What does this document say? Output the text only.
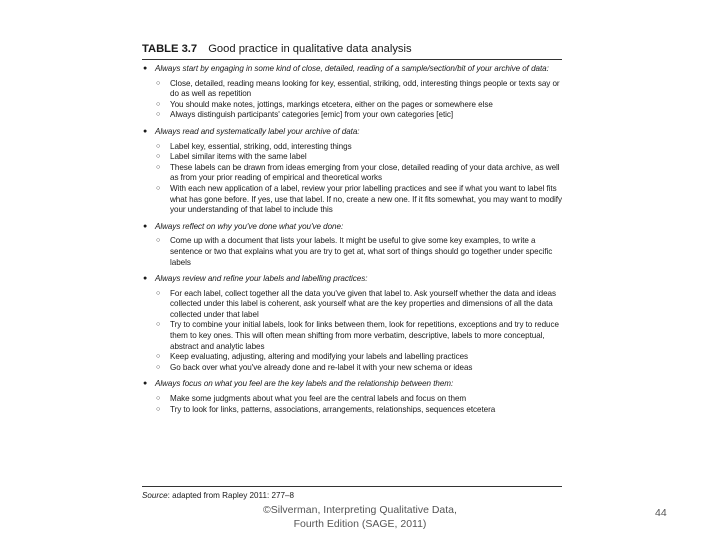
TABLE 3.7 Good practice in qualitative data analysis
● Always start by engaging in some kind of close, detailed, reading of a sample/section/bit of your archive of data:
○ Close, detailed, reading means looking for key, essential, striking, odd, interesting things people or texts say or do as well as repetition
○ You should make notes, jottings, markings etcetera, either on the pages or somewhere else
○ Always distinguish participants' categories [emic] from your own categories [etic]
● Always read and systematically label your archive of data:
○ Label key, essential, striking, odd, interesting things
○ Label similar items with the same label
○ These labels can be drawn from ideas emerging from your close, detailed reading of your data archive, as well as from your prior reading of empirical and theoretical works
○ With each new application of a label, review your prior labelling practices and see if what you want to label fits what has gone before. If yes, use that label. If no, create a new one. If it fits somewhat, you may want to modify your understanding of that label to include this
● Always reflect on why you've done what you've done:
○ Come up with a document that lists your labels. It might be useful to give some key examples, to write a sentence or two that explains what you are try to get at, what sort of things should go together under specific labels
● Always review and refine your labels and labelling practices:
○ For each label, collect together all the data you've given that label to. Ask yourself whether the data and ideas collected under this label is coherent, ask yourself what are the key properties and dimensions of all the data collected under that label
○ Try to combine your initial labels, look for links between them, look for repetitions, exceptions and try to reduce them to key ones. This will often mean shifting from more verbatim, descriptive, labels to more conceptual, abstract and analytic labes
○ Keep evaluating, adjusting, altering and modifying your labels and labelling practices
○ Go back over what you've already done and re-label it with your new schema or ideas
● Always focus on what you feel are the key labels and the relationship between them:
○ Make some judgments about what you feel are the central labels and focus on them
○ Try to look for links, patterns, associations, arrangements, relationships, sequences etcetera
Source: adapted from Rapley 2011: 277–8
©Silverman, Interpreting Qualitative Data,
Fourth Edition (SAGE, 2011)
44
